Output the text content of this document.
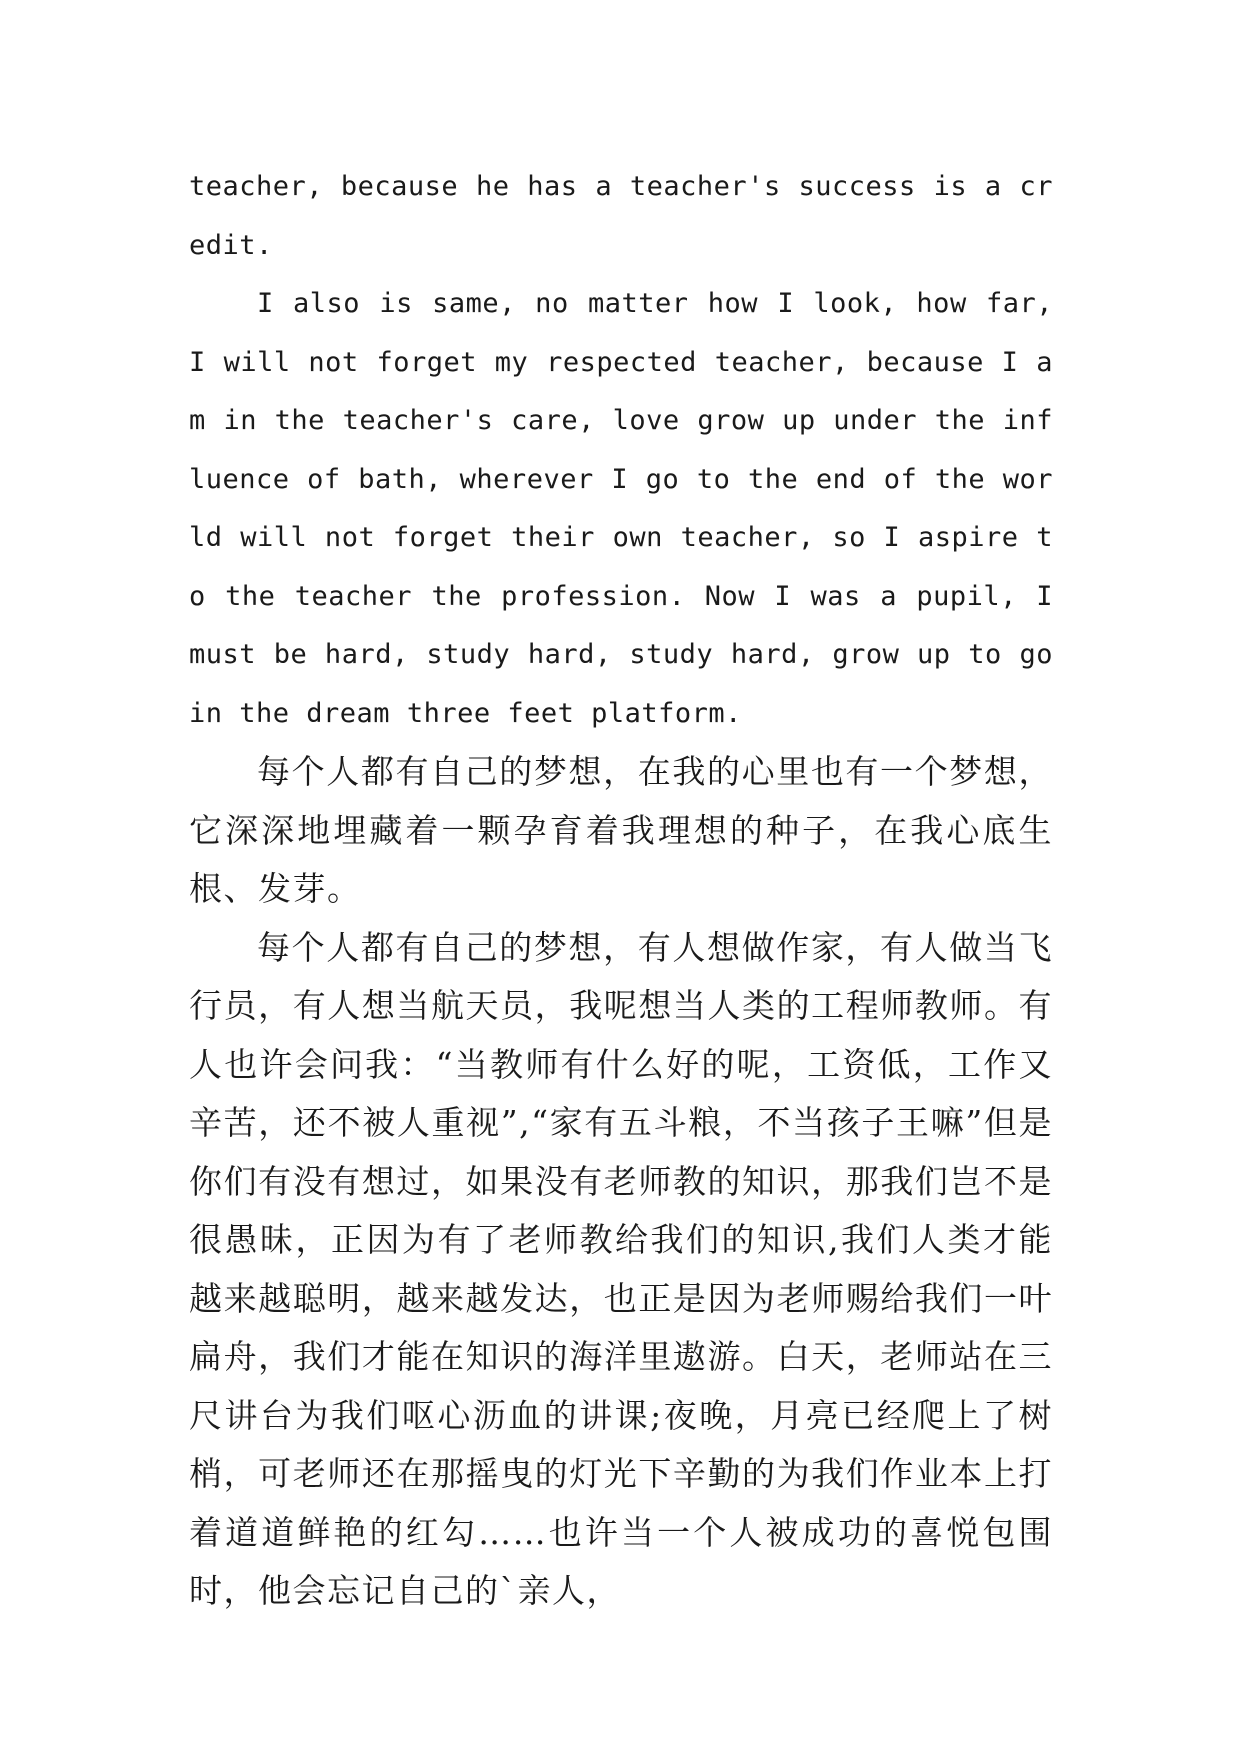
teacher, because he has a teacher's success is a credit.

I also is same, no matter how I look, how far, I will not forget my respected teacher, because I am in the teacher's care, love grow up under the influence of bath, wherever I go to the end of the world will not forget their own teacher, so I aspire to the teacher the profession. Now I was a pupil, I must be hard, study hard, study hard, grow up to go in the dream three feet platform.

每个人都有自己的梦想，在我的心里也有一个梦想，它深深地埋藏着一颗孕育着我理想的种子，在我心底生根、发芽。

每个人都有自己的梦想，有人想做作家，有人做当飞行员，有人想当航天员，我呢想当人类的工程师教师。有人也许会问我：“当教师有什么好的呢，工资低，工作又辛苦，还不被人重视”,“家有五斗粮，不当孩子王嘛”但是你们有没有想过，如果没有老师教的知识，那我们岂不是很愚昧，正因为有了老师教给我们的知识,我们人类才能越来越聪明，越来越发达，也正是因为老师赐给我们一叶扁舟，我们才能在知识的海洋里遨游。白天，老师站在三尺讲台为我们呕心沥血的讲课;夜晚，月亮已经爬上了树梢，可老师还在那摇曳的灯光下辛勤的为我们作业本上打着道道鲜艳的红勾……也许当一个人被成功的喜悦包围时，他会忘记自己的`亲人，
